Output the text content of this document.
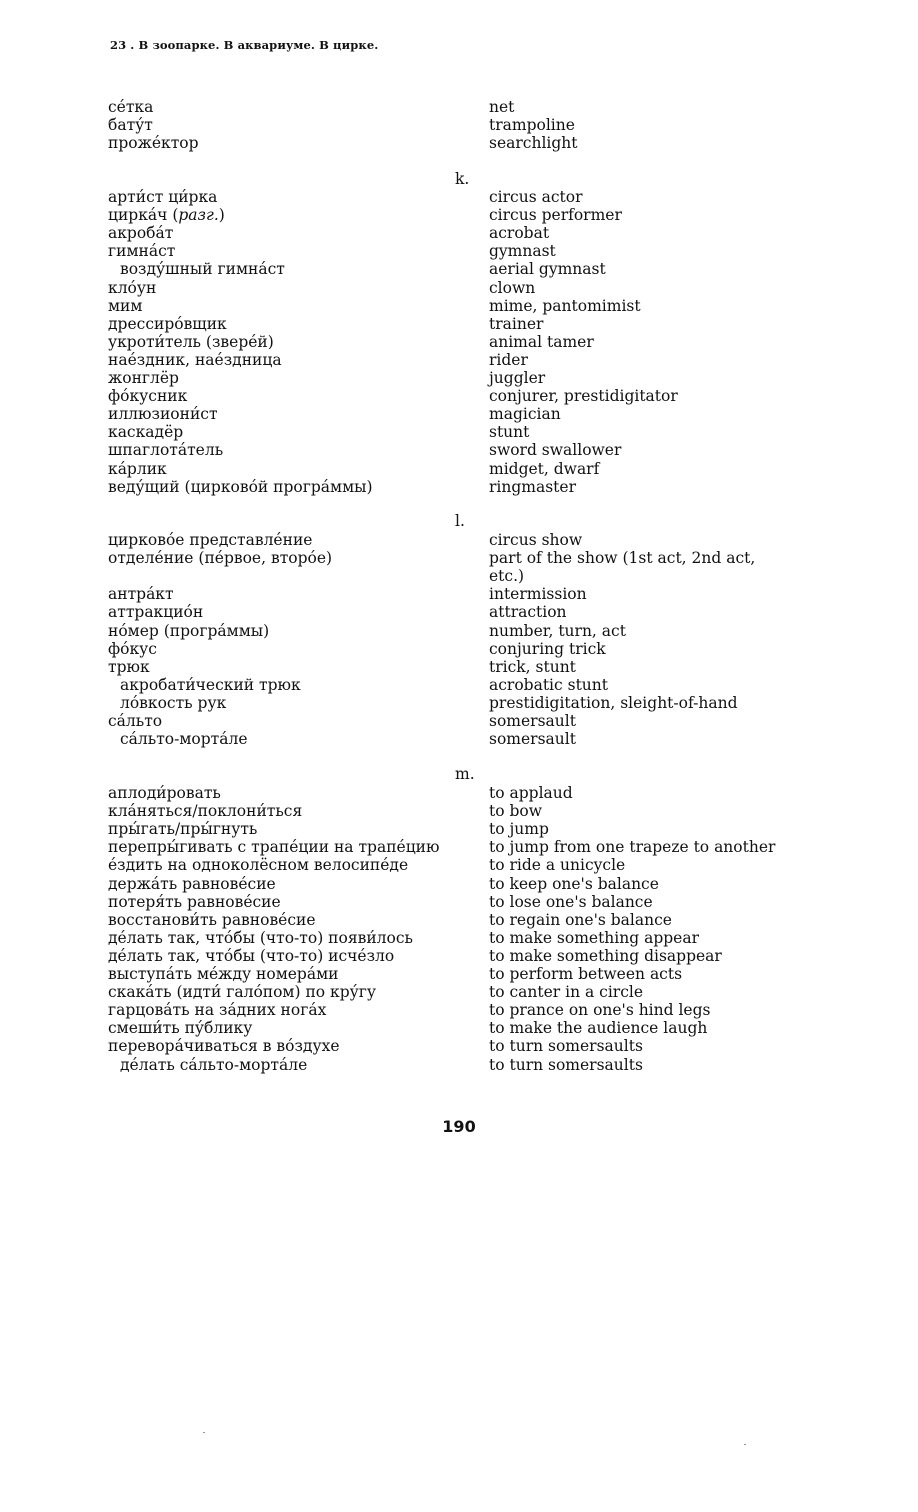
23 . В зоопарке. В аквариуме. В цирке.
се́тка	net
бату́т	trampoline
проже́ктор	searchlight
k.
арти́ст ци́рка	circus actor
цирка́ч (разг.)	circus performer
акроба́т	acrobat
гимна́ст	gymnast
возду́шный гимна́ст	aerial gymnast
кло́ун	clown
мим	mime, pantomimist
дрессиро́вщик	trainer
укроти́тель (звере́й)	animal tamer
нае́здник, нае́здница	rider
жонглёр	juggler
фо́кусник	conjurer, prestidigitator
иллюзиони́ст	magician
каскадёр	stunt
шпаглотáтель	sword swallower
ка́рлик	midget, dwarf
веду́щий (цирково́й програ́ммы)	ringmaster
l.
цирково́е представле́ние	circus show
отделе́ние (пе́рвое, второ́е)	part of the show (1st act, 2nd act,
etc.)
антра́кт	intermission
аттракцио́н	attraction
но́мер (програ́ммы)	number, turn, act
фо́кус	conjuring trick
трюк	trick, stunt
акробати́ческий трюк	acrobatic stunt
ло́вкость рук	prestidigitation, sleight-of-hand
са́льто	somersault
са́льто-морта́ле	somersault
m.
аплоди́ровать	to applaud
кла́няться/поклони́ться	to bow
пры́гать/пры́гнуть	to jump
перепры́гивать с трапе́ции на трапе́цию	to jump from one trapeze to another
е́здить на одноколёсном велосипе́де	to ride a unicycle
держа́ть равнове́сие	to keep one's balance
потеря́ть равнове́сие	to lose one's balance
восстанови́ть равнове́сие	to regain one's balance
де́лать так, что́бы (что-то) появи́лось	to make something appear
де́лать так, что́бы (что-то) исче́зло	to make something disappear
выступа́ть ме́жду номера́ми	to perform between acts
скака́ть (идти́ гало́пом) по кру́гу	to canter in a circle
гарцова́ть на за́дних нога́х	to prance on one's hind legs
смеши́ть пу́блику	to make the audience laugh
перевора́чиваться в во́здухе	to turn somersaults
де́лать са́льто-морта́ле	to turn somersaults
190
